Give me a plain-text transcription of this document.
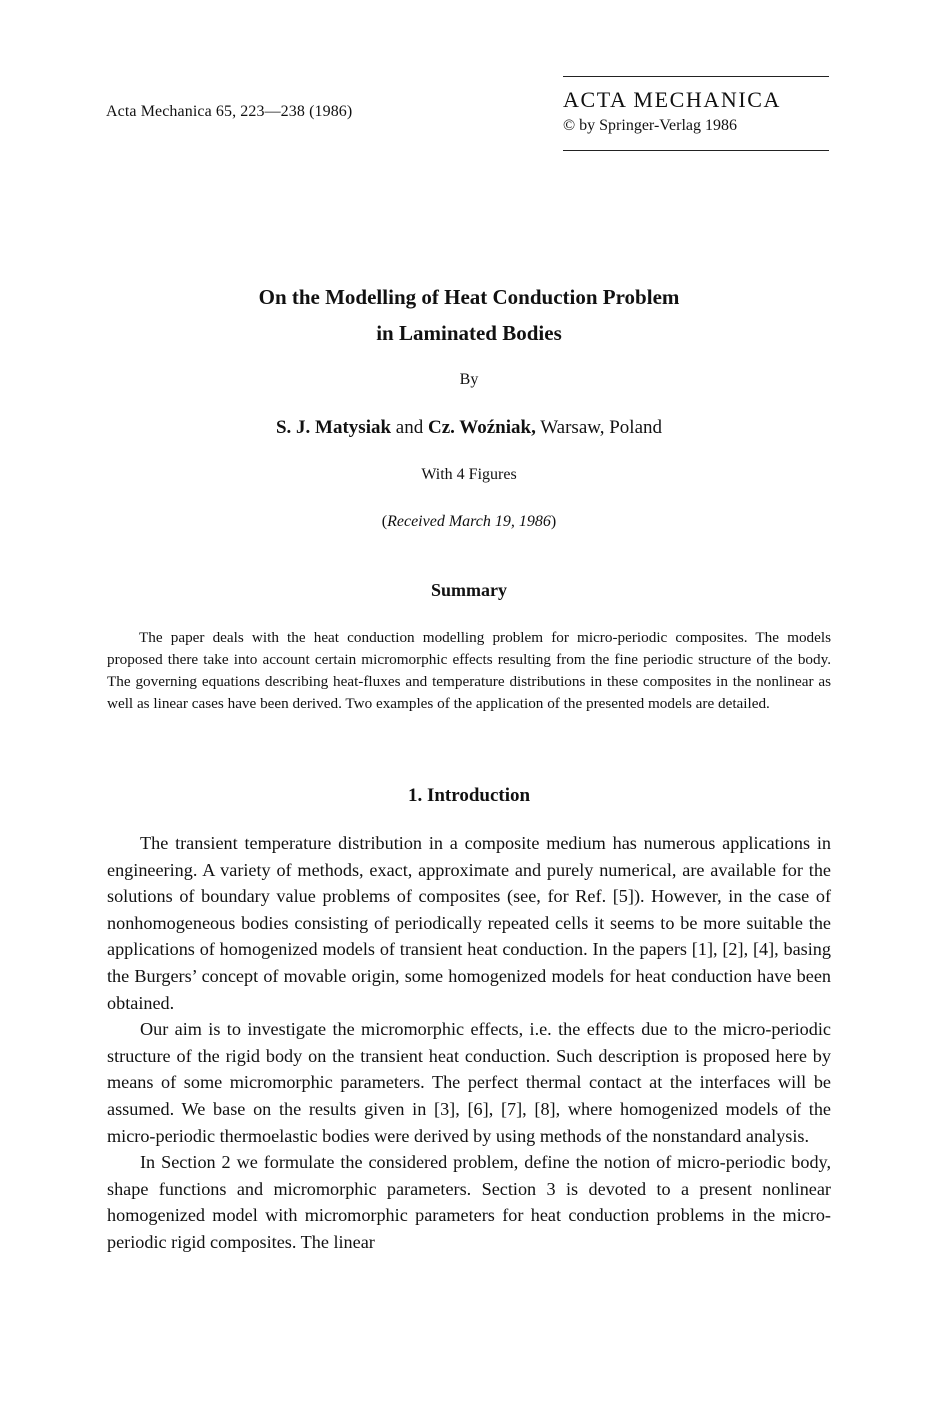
Acta Mechanica 65, 223—238 (1986)	ACTA MECHANICA
© by Springer-Verlag 1986
On the Modelling of Heat Conduction Problem
in Laminated Bodies
By
S. J. Matysiak and Cz. Woźniak, Warsaw, Poland
With 4 Figures
(Received March 19, 1986)
Summary
The paper deals with the heat conduction modelling problem for micro-periodic composites. The models proposed there take into account certain micromorphic effects resulting from the fine periodic structure of the body. The governing equations describing heat-fluxes and temperature distributions in these composites in the nonlinear as well as linear cases have been derived. Two examples of the application of the presented models are detailed.
1. Introduction

The transient temperature distribution in a composite medium has numerous applications in engineering. A variety of methods, exact, approximate and purely numerical, are available for the solutions of boundary value problems of composites (see, for Ref. [5]). However, in the case of nonhomogeneous bodies consisting of periodically repeated cells it seems to be more suitable the applications of homogenized models of transient heat conduction. In the papers [1], [2], [4], basing the Burgers’ concept of movable origin, some homogenized models for heat conduction have been obtained.

Our aim is to investigate the micromorphic effects, i.e. the effects due to the micro-periodic structure of the rigid body on the transient heat conduction. Such description is proposed here by means of some micromorphic parameters. The perfect thermal contact at the interfaces will be assumed. We base on the results given in [3], [6], [7], [8], where homogenized models of the micro-periodic thermoelastic bodies were derived by using methods of the nonstandard analysis.

In Section 2 we formulate the considered problem, define the notion of micro-periodic body, shape functions and micromorphic parameters. Section 3 is devoted to a present nonlinear homogenized model with micromorphic parameters for heat conduction problems in the micro-periodic rigid composites. The linear
